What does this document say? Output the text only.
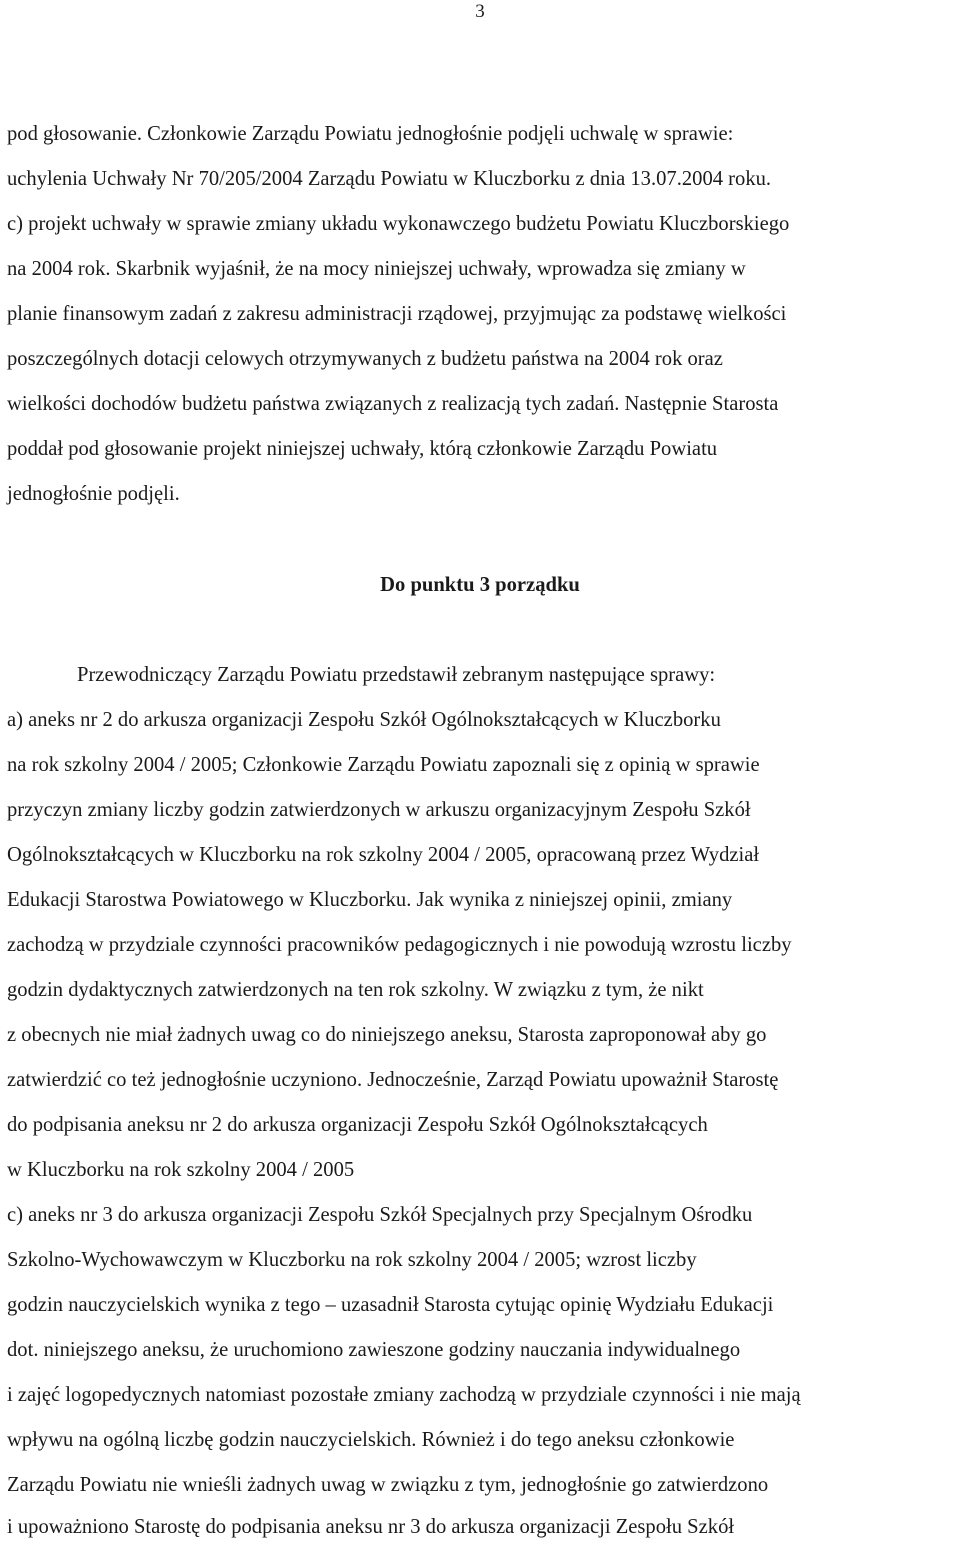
3
pod głosowanie. Członkowie Zarządu Powiatu jednogłośnie podjęli uchwalę w sprawie:
uchylenia Uchwały Nr 70/205/2004 Zarządu Powiatu w Kluczborku z dnia 13.07.2004 roku.
c) projekt uchwały w sprawie zmiany układu wykonawczego budżetu Powiatu Kluczborskiego
na 2004 rok. Skarbnik wyjaśnił, że na mocy niniejszej uchwały, wprowadza się zmiany w
planie finansowym zadań z zakresu administracji rządowej, przyjmując za podstawę wielkości
poszczególnych dotacji celowych otrzymywanych z budżetu państwa na 2004 rok oraz
wielkości dochodów budżetu państwa związanych z realizacją tych zadań. Następnie Starosta
poddał pod głosowanie projekt niniejszej uchwały, którą członkowie Zarządu Powiatu
jednogłośnie podjęli.
Do punktu 3 porządku
Przewodniczący Zarządu Powiatu przedstawił zebranym następujące sprawy:
a) aneks nr 2 do arkusza organizacji Zespołu Szkół Ogólnokształcących w Kluczborku
na rok szkolny 2004 / 2005; Członkowie Zarządu Powiatu zapoznali się z opinią w sprawie
przyczyn zmiany liczby godzin zatwierdzonych w arkuszu organizacyjnym Zespołu Szkół
Ogólnokształcących w Kluczborku na rok szkolny 2004 / 2005, opracowaną przez Wydział
Edukacji Starostwa Powiatowego w Kluczborku. Jak wynika z niniejszej opinii, zmiany
zachodzą w przydziale czynności pracowników pedagogicznych i nie powodują wzrostu liczby
godzin dydaktycznych zatwierdzonych na ten rok szkolny. W związku z tym, że nikt
z obecnych nie miał żadnych uwag co do niniejszego aneksu, Starosta zaproponował aby go
zatwierdzić co też jednogłośnie uczyniono. Jednocześnie, Zarząd Powiatu upoważnił Starostę
do podpisania aneksu nr 2 do arkusza organizacji Zespołu Szkół Ogólnokształcących
w Kluczborku na rok szkolny 2004 / 2005
c) aneks nr 3 do arkusza organizacji Zespołu Szkół Specjalnych przy Specjalnym Ośrodku
Szkolno-Wychowawczym w Kluczborku na rok szkolny 2004 / 2005; wzrost liczby
godzin nauczycielskich wynika z tego – uzasadnił Starosta cytując opinię Wydziału Edukacji
dot. niniejszego aneksu, że uruchomiono zawieszone godziny nauczania indywidualnego
i zajęć logopedycznych natomiast pozostałe zmiany zachodzą w przydziale czynności i nie mają
wpływu na ogólną liczbę godzin nauczycielskich. Również i do tego aneksu członkowie
Zarządu Powiatu nie wnieśli żadnych uwag w związku z tym, jednogłośnie go zatwierdzono
i upoważniono Starostę do podpisania aneksu nr 3 do arkusza organizacji Zespołu Szkół
